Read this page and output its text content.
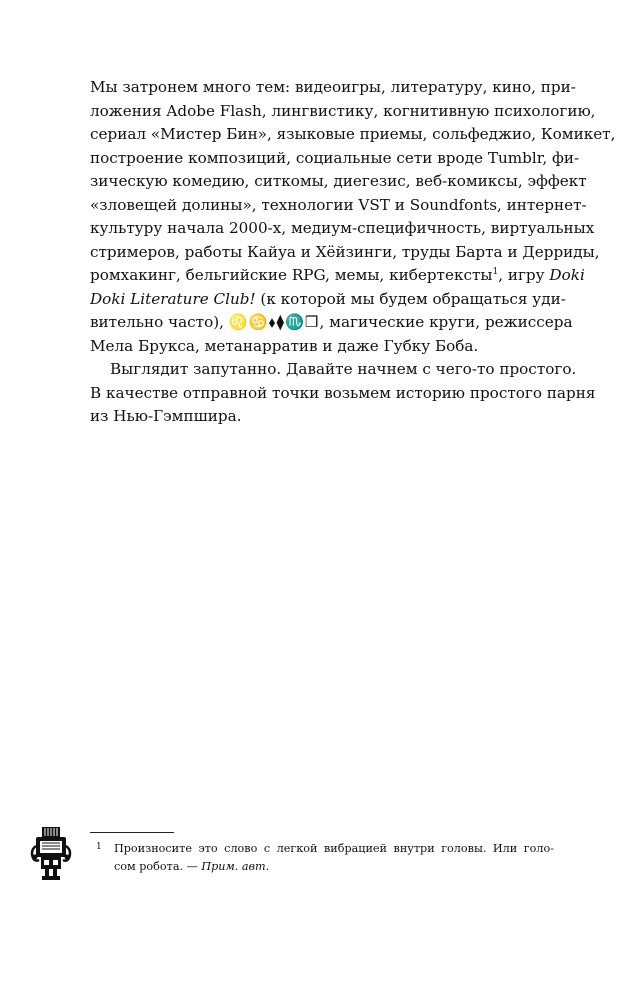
Мы затронем много тем: видеоигры, литературу, кино, при-
ложения Adobe Flash, лингвистику, когнитивную психологию,
сериал «Мистер Бин», языковые приемы, сольфеджио, Комикет,
построение композиций, социальные сети вроде Tumblr, фи-
зическую комедию, ситкомы, диегезис, веб-комиксы, эффект
«зловещей долины», технологии VST и Soundfonts, интернет-
культуру начала 2000-х, медиум-специфичность, виртуальных
стримеров, работы Кайуа и Хёйзинги, труды Барта и Дерриды,
ромхакинг, бельгийские RPG, мемы, кибертексты$^1$, игру Doki
Doki Literature Club! (к которой мы будем обращаться уди-
вительно часто), ♌♋⬧⧫♏❒, магические круги, режиссера
Мела Брукса, метанарратив и даже Губку Боба.

Выглядит запутанно. Давайте начнем с чего-то простого.
В качестве отправной точки возьмем историю простого парня
из Нью-Гэмпшира.

1	Произносите это слово с легкой вибрацией внутри головы. Или голо-
сом робота. — Прим. авт.
